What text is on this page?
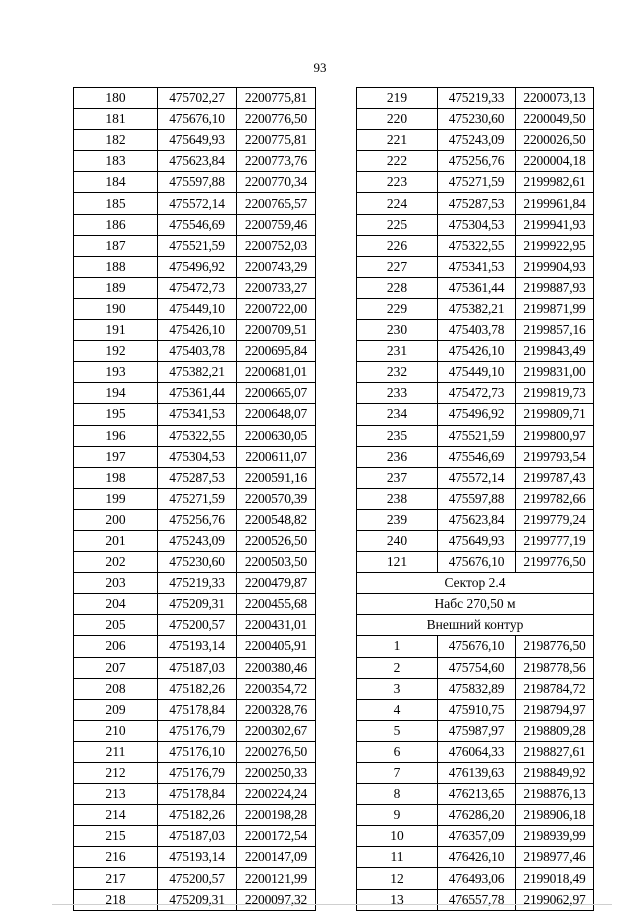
93
180	475702,27	2200775,81
181	475676,10	2200776,50
182	475649,93	2200775,81
183	475623,84	2200773,76
184	475597,88	2200770,34
185	475572,14	2200765,57
186	475546,69	2200759,46
187	475521,59	2200752,03
188	475496,92	2200743,29
189	475472,73	2200733,27
190	475449,10	2200722,00
191	475426,10	2200709,51
192	475403,78	2200695,84
193	475382,21	2200681,01
194	475361,44	2200665,07
195	475341,53	2200648,07
196	475322,55	2200630,05
197	475304,53	2200611,07
198	475287,53	2200591,16
199	475271,59	2200570,39
200	475256,76	2200548,82
201	475243,09	2200526,50
202	475230,60	2200503,50
203	475219,33	2200479,87
204	475209,31	2200455,68
205	475200,57	2200431,01
206	475193,14	2200405,91
207	475187,03	2200380,46
208	475182,26	2200354,72
209	475178,84	2200328,76
210	475176,79	2200302,67
211	475176,10	2200276,50
212	475176,79	2200250,33
213	475178,84	2200224,24
214	475182,26	2200198,28
215	475187,03	2200172,54
216	475193,14	2200147,09
217	475200,57	2200121,99
218	475209,31	2200097,32
219	475219,33	2200073,13
220	475230,60	2200049,50
221	475243,09	2200026,50
222	475256,76	2200004,18
223	475271,59	2199982,61
224	475287,53	2199961,84
225	475304,53	2199941,93
226	475322,55	2199922,95
227	475341,53	2199904,93
228	475361,44	2199887,93
229	475382,21	2199871,99
230	475403,78	2199857,16
231	475426,10	2199843,49
232	475449,10	2199831,00
233	475472,73	2199819,73
234	475496,92	2199809,71
235	475521,59	2199800,97
236	475546,69	2199793,54
237	475572,14	2199787,43
238	475597,88	2199782,66
239	475623,84	2199779,24
240	475649,93	2199777,19
121	475676,10	2199776,50
Сектор 2.4		
Набс 270,50 м		
Внешний контур		
1	475676,10	2198776,50
2	475754,60	2198778,56
3	475832,89	2198784,72
4	475910,75	2198794,97
5	475987,97	2198809,28
6	476064,33	2198827,61
7	476139,63	2198849,92
8	476213,65	2198876,13
9	476286,20	2198906,18
10	476357,09	2198939,99
11	476426,10	2198977,46
12	476493,06	2199018,49
13	476557,78	2199062,97
